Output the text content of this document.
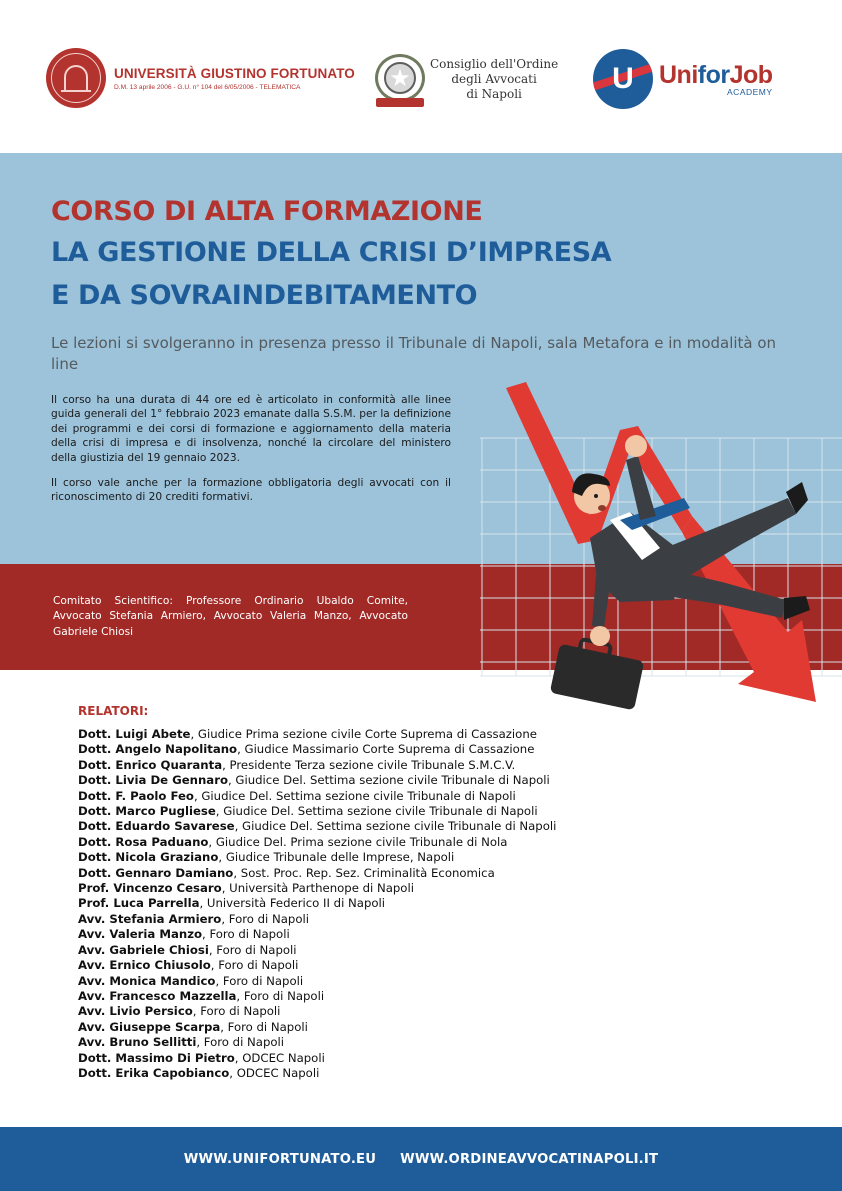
UNIVERSITÀ GIUSTINO FORTUNATO
D.M. 13 aprile 2006 - G.U. n° 104 del 6/05/2006 - TELEMATICA	★
Consiglio dell'Ordine
degli Avvocati
di Napoli	U	UniforJob
ACADEMY
CORSO DI ALTA FORMAZIONE
LA GESTIONE DELLA CRISI D’IMPRESA
E DA SOVRAINDEBITAMENTO
Le lezioni si svolgeranno in presenza presso il Tribunale di Napoli, sala Metafora e in modalità on line

Il corso ha una durata di 44 ore ed è articolato in conformità alle linee guida generali del 1° febbraio 2023 emanate dalla S.S.M. per la definizione dei programmi e dei corsi di formazione e aggiornamento della materia della crisi di impresa e di insolvenza, nonché la circolare del ministero della giustizia del 19 gennaio 2023.

Il corso vale anche per la formazione obbligatoria degli avvocati con il riconoscimento di 20 crediti formativi.

Comitato Scientifico: Professore Ordinario Ubaldo Comite, Avvocato Stefania Armiero, Avvocato Valeria Manzo, Avvocato Gabriele Chiosi
RELATORI:
Dott. Luigi Abete, Giudice Prima sezione civile Corte Suprema di Cassazione
Dott. Angelo Napolitano, Giudice Massimario Corte Suprema di Cassazione
Dott. Enrico Quaranta, Presidente Terza sezione civile Tribunale S.M.C.V.
Dott. Livia De Gennaro, Giudice Del. Settima sezione civile Tribunale di Napoli
Dott. F. Paolo Feo, Giudice Del. Settima sezione civile Tribunale di Napoli
Dott. Marco Pugliese, Giudice Del. Settima sezione civile Tribunale di Napoli
Dott. Eduardo Savarese, Giudice Del. Settima sezione civile Tribunale di Napoli
Dott. Rosa Paduano, Giudice Del. Prima sezione civile Tribunale di Nola
Dott. Nicola Graziano, Giudice Tribunale delle Imprese, Napoli
Dott. Gennaro Damiano, Sost. Proc. Rep. Sez. Criminalità Economica
Prof. Vincenzo Cesaro, Università Parthenope di Napoli
Prof. Luca Parrella, Università Federico II di Napoli
Avv. Stefania Armiero, Foro di Napoli
Avv. Valeria Manzo, Foro di Napoli
Avv. Gabriele Chiosi, Foro di Napoli
Avv. Ernico Chiusolo, Foro di Napoli
Avv. Monica Mandico, Foro di Napoli
Avv. Francesco Mazzella, Foro di Napoli
Avv. Livio Persico, Foro di Napoli
Avv. Giuseppe Scarpa, Foro di Napoli
Avv. Bruno Sellitti, Foro di Napoli
Dott. Massimo Di Pietro, ODCEC Napoli
Dott. Erika Capobianco, ODCEC Napoli
WWW.UNIFORTUNATO.EU WWW.ORDINEAVVOCATINAPOLI.IT
